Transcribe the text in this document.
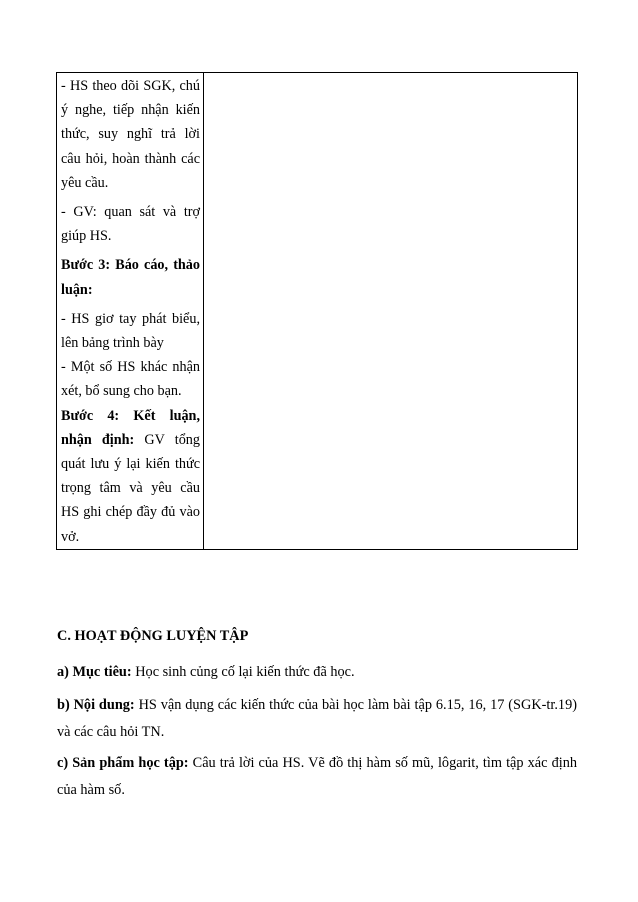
- HS theo dõi SGK, chú ý nghe, tiếp nhận kiến thức, suy nghĩ trả lời câu hỏi, hoàn thành các yêu cầu.

- GV: quan sát và trợ giúp HS.

Bước 3: Báo cáo, thảo luận:

- HS giơ tay phát biểu, lên bảng trình bày

- Một số HS khác nhận xét, bổ sung cho bạn.

Bước 4: Kết luận, nhận định: GV tổng quát lưu ý lại kiến thức trọng tâm và yêu cầu HS ghi chép đầy đủ vào vở.

C. HOẠT ĐỘNG LUYỆN TẬP

a) Mục tiêu: Học sinh củng cố lại kiến thức đã học.

b) Nội dung: HS vận dụng các kiến thức của bài học làm bài tập 6.15, 16, 17 (SGK-tr.19) và các câu hỏi TN.

c) Sản phẩm học tập: Câu trả lời của HS. Vẽ đồ thị hàm số mũ, lôgarit, tìm tập xác định của hàm số.
